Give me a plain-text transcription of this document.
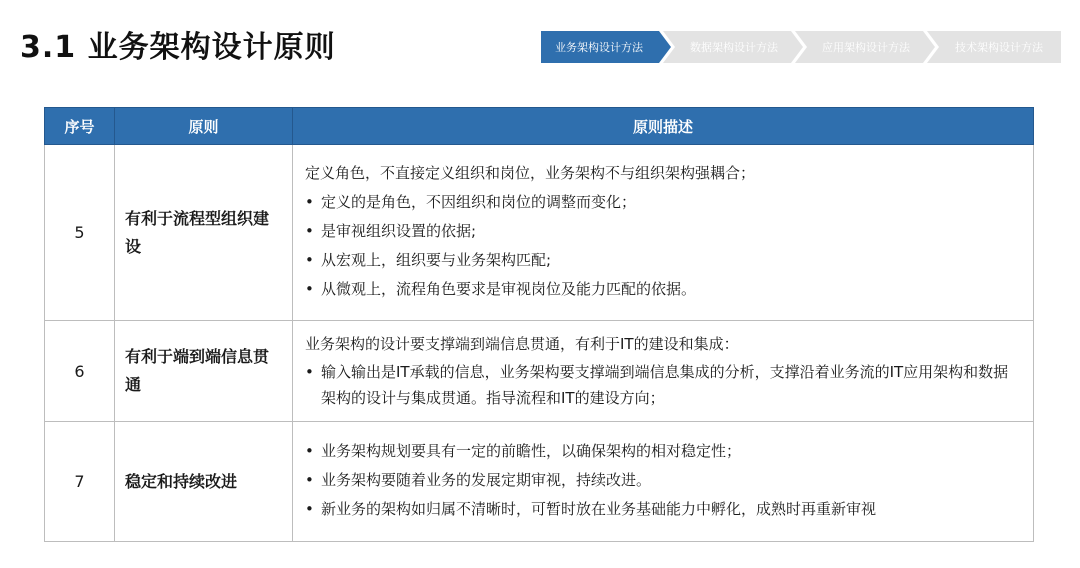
3.1 业务架构设计原则	业务架构设计方法	数据架构设计方法	应用架构设计方法	技术架构设计方法
序号	原则	原则描述
5	有利于流程型组织建设	定义角色，不直接定义组织和岗位，业务架构不与组织架构强耦合；
• 定义的是角色，不因组织和岗位的调整而变化；
• 是审视组织设置的依据;
• 从宏观上，组织要与业务架构匹配;
• 从微观上，流程角色要求是审视岗位及能力匹配的依据。

6	有利于端到端信息贯通	业务架构的设计要支撑端到端信息贯通，有利于IT的建设和集成：
• 输入输出是IT承载的信息，业务架构要支撑端到端信息集成的分析，支撑沿着业务流的IT应用架构和数据架构的设计与集成贯通。指导流程和IT的建设方向；

7	稳定和持续改进	• 业务架构规划要具有一定的前瞻性，以确保架构的相对稳定性；
• 业务架构要随着业务的发展定期审视，持续改进。
• 新业务的架构如归属不清晰时，可暂时放在业务基础能力中孵化，成熟时再重新审视
